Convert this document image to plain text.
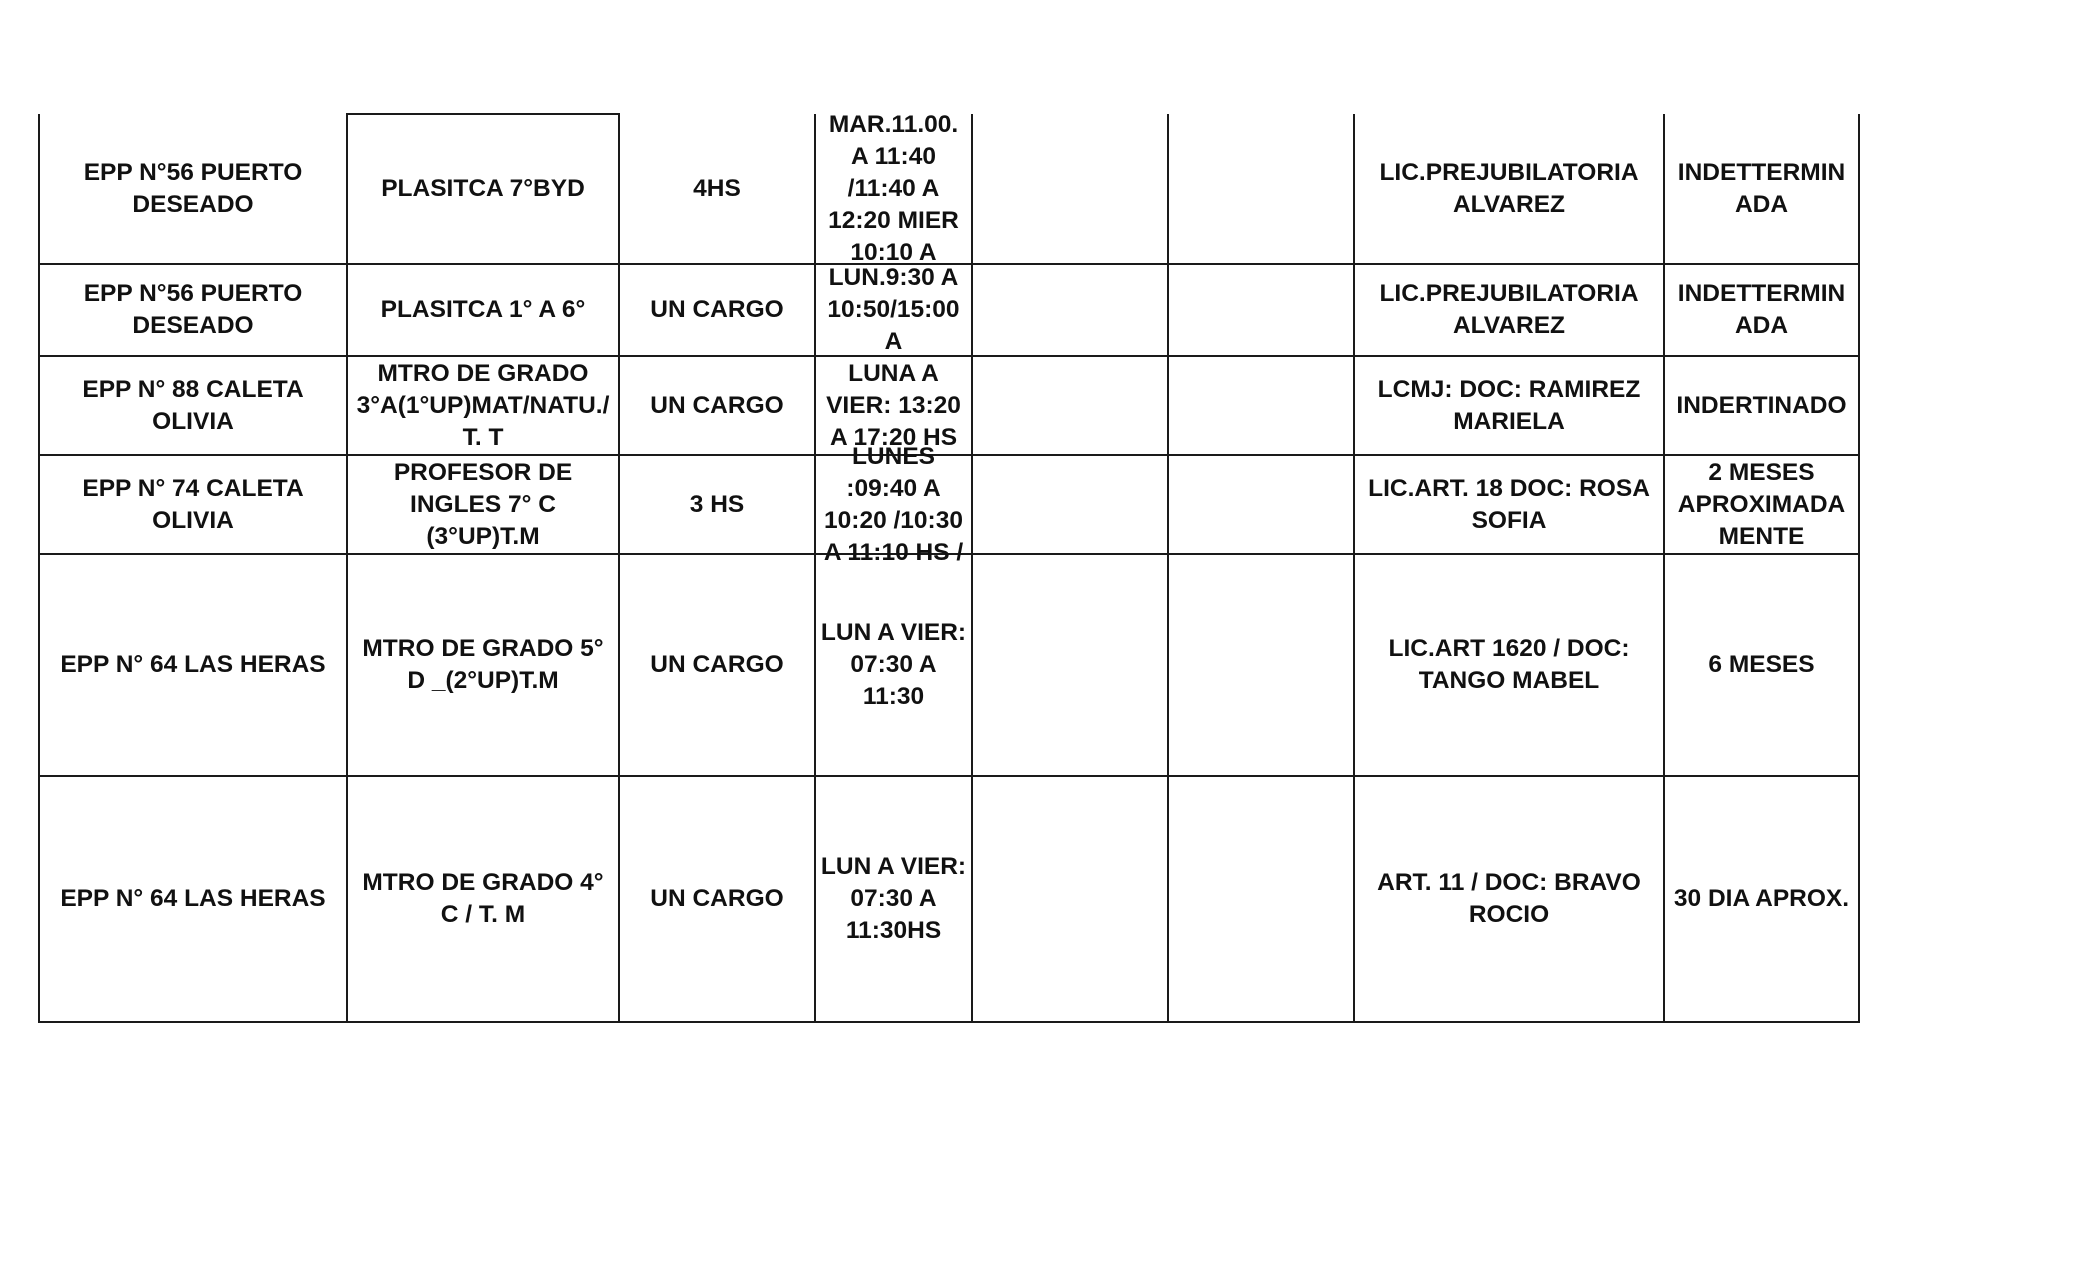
EPP N°56 PUERTO DESEADO	PLASITCA 7°BYD	4HS	MAR.11.00. A 11:40 /11:40 A 12:20 MIER 10:10 A			LIC.PREJUBILATORIA ALVAREZ	INDETTERMIN ADA

EPP N°56 PUERTO DESEADO	PLASITCA 1° A 6°	UN CARGO	LUN.9:30 A 10:50/15:00 A			LIC.PREJUBILATORIA ALVAREZ	INDETTERMIN ADA

EPP N° 88 CALETA OLIVIA	MTRO DE GRADO 3°A(1°UP)MAT/NATU./ T. T	UN CARGO	LUNA A VIER: 13:20 A 17:20 HS			LCMJ: DOC: RAMIREZ MARIELA	INDERTINADO

EPP N° 74 CALETA OLIVIA	PROFESOR DE INGLES 7° C (3°UP)T.M	3 HS	LUNES :09:40 A 10:20 /10:30 A 11:10 HS /			LIC.ART. 18 DOC: ROSA SOFIA	2 MESES APROXIMADA MENTE

EPP N° 64 LAS HERAS	MTRO DE GRADO 5° D _(2°UP)T.M	UN CARGO	LUN A VIER: 07:30 A 11:30			LIC.ART 1620 / DOC: TANGO MABEL	6 MESES

EPP N° 64 LAS HERAS	MTRO DE GRADO 4° C / T. M	UN CARGO	LUN A VIER: 07:30 A 11:30HS			ART. 11 / DOC: BRAVO ROCIO	30 DIA APROX.
